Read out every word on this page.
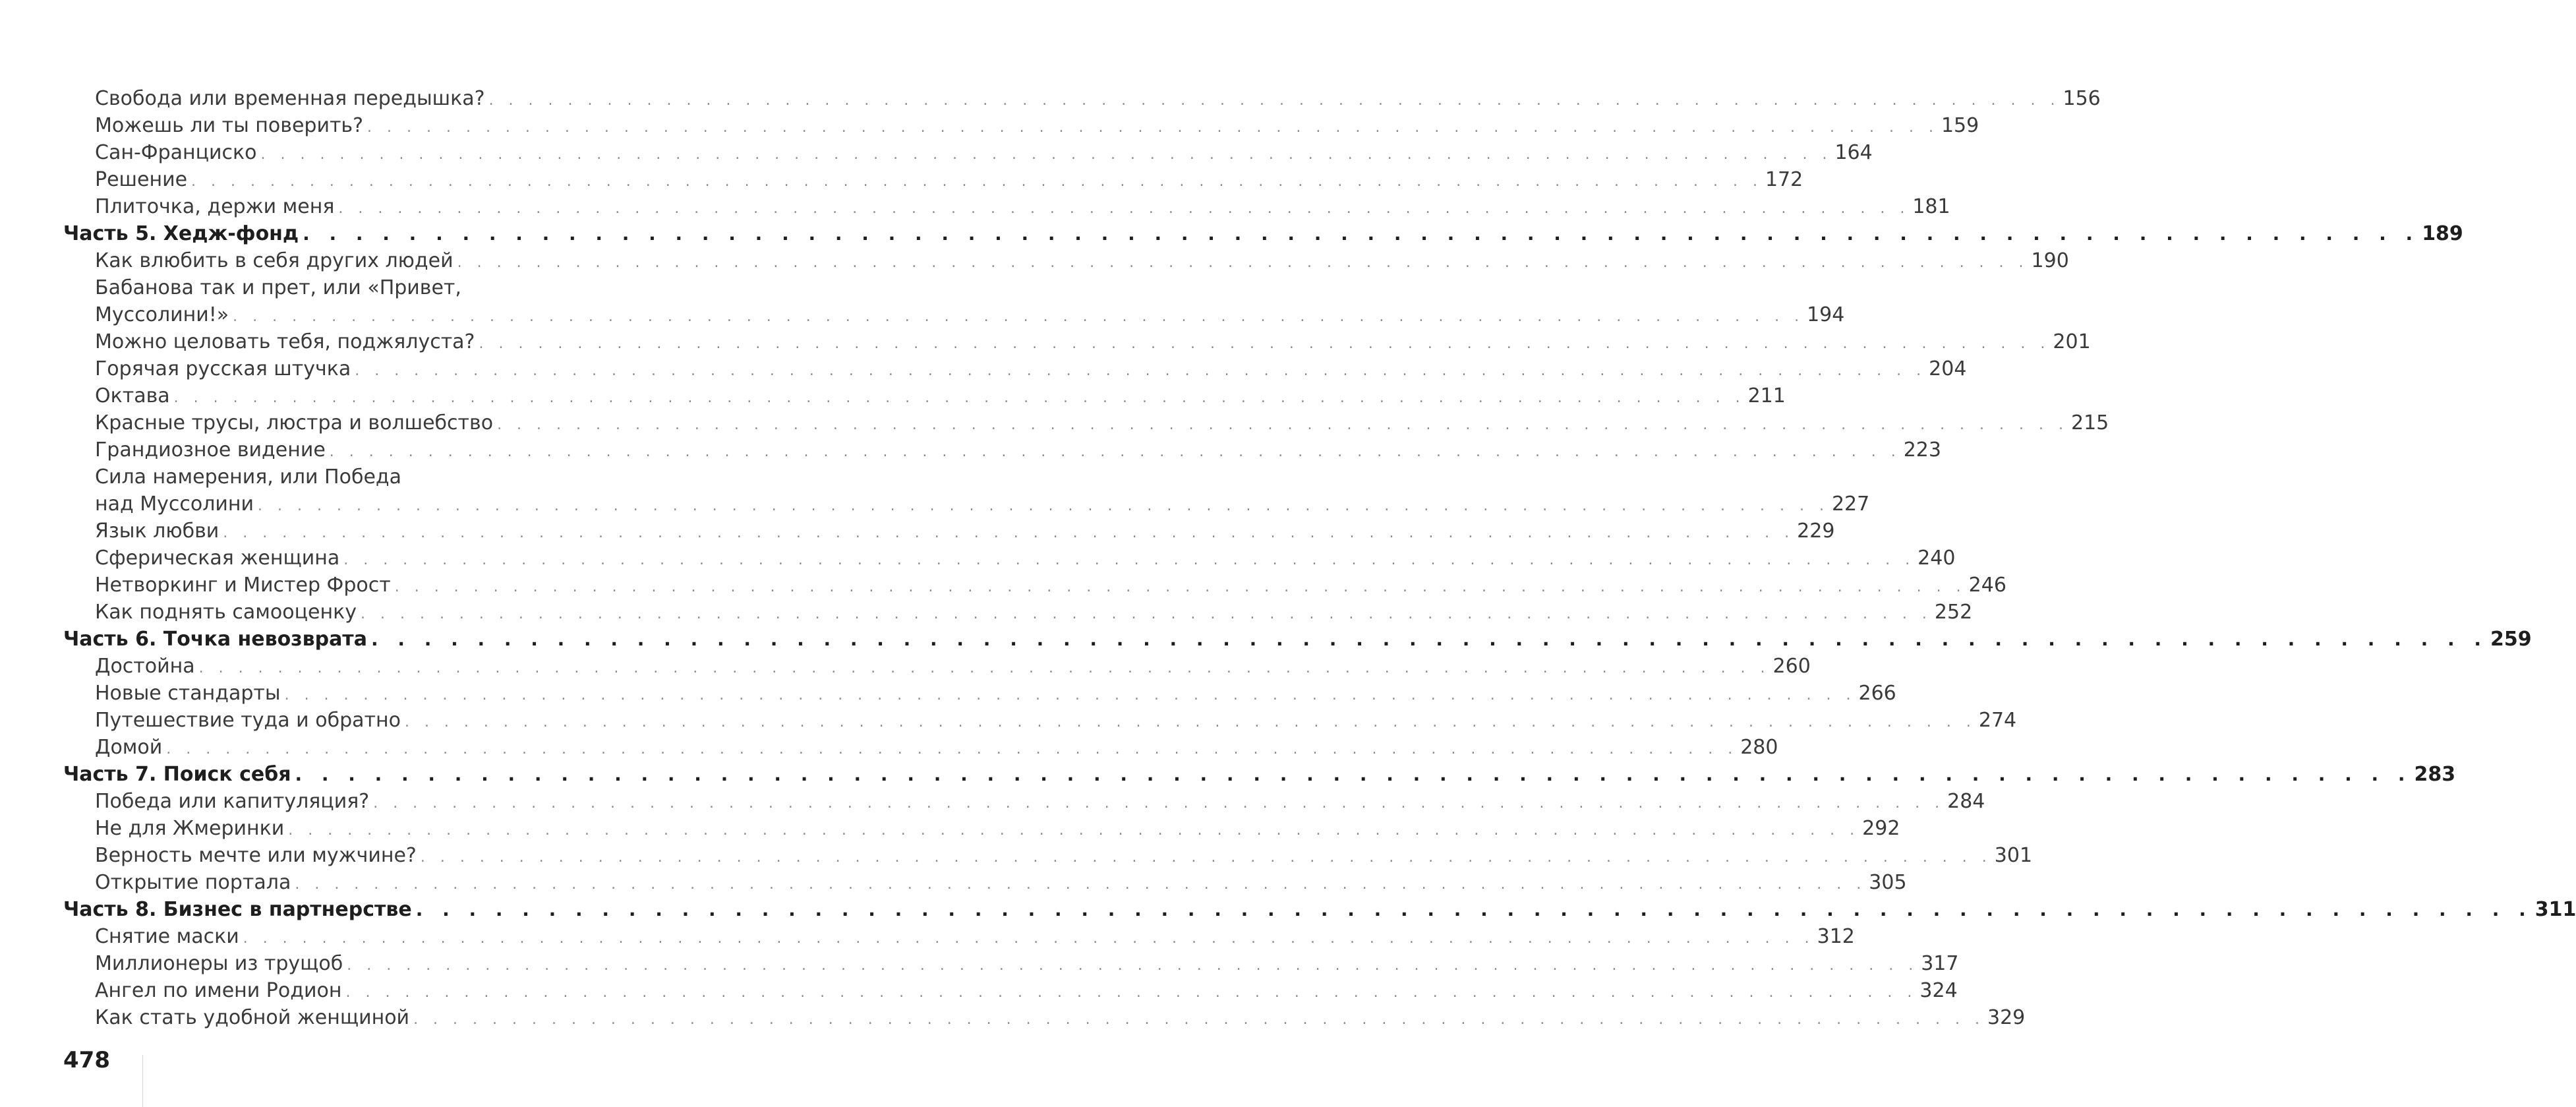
Свобода или временная передышка? . . . . . . . . . . . . . . . . . . . . . . . . . . . . . . . . . . . . . . . . . . . . . . . . . . . . . . . . . . . . . . . . . . . . . . . . . . . . . . . . 156
Можешь ли ты поверить? . . . . . . . . . . . . . . . . . . . . . . . . . . . . . . . . . . . . . . . . . . . . . . . . . . . . . . . . . . . . . . . . . . . . . . . . . . . . . . . . 159
Сан-Франциско . . . . . . . . . . . . . . . . . . . . . . . . . . . . . . . . . . . . . . . . . . . . . . . . . . . . . . . . . . . . . . . . . . . . . . . . . . . . . . . . 164
Решение . . . . . . . . . . . . . . . . . . . . . . . . . . . . . . . . . . . . . . . . . . . . . . . . . . . . . . . . . . . . . . . . . . . . . . . . . . . . . . . . 172
Плиточка, держи меня . . . . . . . . . . . . . . . . . . . . . . . . . . . . . . . . . . . . . . . . . . . . . . . . . . . . . . . . . . . . . . . . . . . . . . . . . . . . . . . . 181
Часть 5. Хедж-фонд . . . . . . . . . . . . . . . . . . . . . . . . . . . . . . . . . . . . . . . . . . . . . . . . . . . . . . . . . . . . . . . . . . . . . . . . . . . . . . . . 189
Как влюбить в себя других людей . . . . . . . . . . . . . . . . . . . . . . . . . . . . . . . . . . . . . . . . . . . . . . . . . . . . . . . . . . . . . . . . . . . . . . . . . . . . . . . . 190
Бабанова так и прет, или «Привет,
Муссолини!» . . . . . . . . . . . . . . . . . . . . . . . . . . . . . . . . . . . . . . . . . . . . . . . . . . . . . . . . . . . . . . . . . . . . . . . . . . . . . . . . 194
Можно целовать тебя, поджялуста? . . . . . . . . . . . . . . . . . . . . . . . . . . . . . . . . . . . . . . . . . . . . . . . . . . . . . . . . . . . . . . . . . . . . . . . . . . . . . . . . 201
Горячая русская штучка . . . . . . . . . . . . . . . . . . . . . . . . . . . . . . . . . . . . . . . . . . . . . . . . . . . . . . . . . . . . . . . . . . . . . . . . . . . . . . . . 204
Октава . . . . . . . . . . . . . . . . . . . . . . . . . . . . . . . . . . . . . . . . . . . . . . . . . . . . . . . . . . . . . . . . . . . . . . . . . . . . . . . . 211
Красные трусы, люстра и волшебство . . . . . . . . . . . . . . . . . . . . . . . . . . . . . . . . . . . . . . . . . . . . . . . . . . . . . . . . . . . . . . . . . . . . . . . . . . . . . . . . 215
Грандиозное видение . . . . . . . . . . . . . . . . . . . . . . . . . . . . . . . . . . . . . . . . . . . . . . . . . . . . . . . . . . . . . . . . . . . . . . . . . . . . . . . . 223
Сила намерения, или Победа
над Муссолини . . . . . . . . . . . . . . . . . . . . . . . . . . . . . . . . . . . . . . . . . . . . . . . . . . . . . . . . . . . . . . . . . . . . . . . . . . . . . . . . 227
Язык любви . . . . . . . . . . . . . . . . . . . . . . . . . . . . . . . . . . . . . . . . . . . . . . . . . . . . . . . . . . . . . . . . . . . . . . . . . . . . . . . . 229
Сферическая женщина . . . . . . . . . . . . . . . . . . . . . . . . . . . . . . . . . . . . . . . . . . . . . . . . . . . . . . . . . . . . . . . . . . . . . . . . . . . . . . . . 240
Нетворкинг и Мистер Фрост . . . . . . . . . . . . . . . . . . . . . . . . . . . . . . . . . . . . . . . . . . . . . . . . . . . . . . . . . . . . . . . . . . . . . . . . . . . . . . . . 246
Как поднять самооценку . . . . . . . . . . . . . . . . . . . . . . . . . . . . . . . . . . . . . . . . . . . . . . . . . . . . . . . . . . . . . . . . . . . . . . . . . . . . . . . . 252
Часть 6. Точка невозврата . . . . . . . . . . . . . . . . . . . . . . . . . . . . . . . . . . . . . . . . . . . . . . . . . . . . . . . . . . . . . . . . . . . . . . . . . . . . . . . . 259
Достойна . . . . . . . . . . . . . . . . . . . . . . . . . . . . . . . . . . . . . . . . . . . . . . . . . . . . . . . . . . . . . . . . . . . . . . . . . . . . . . . . 260
Новые стандарты . . . . . . . . . . . . . . . . . . . . . . . . . . . . . . . . . . . . . . . . . . . . . . . . . . . . . . . . . . . . . . . . . . . . . . . . . . . . . . . . 266
Путешествие туда и обратно . . . . . . . . . . . . . . . . . . . . . . . . . . . . . . . . . . . . . . . . . . . . . . . . . . . . . . . . . . . . . . . . . . . . . . . . . . . . . . . . 274
Домой . . . . . . . . . . . . . . . . . . . . . . . . . . . . . . . . . . . . . . . . . . . . . . . . . . . . . . . . . . . . . . . . . . . . . . . . . . . . . . . . 280
Часть 7. Поиск себя . . . . . . . . . . . . . . . . . . . . . . . . . . . . . . . . . . . . . . . . . . . . . . . . . . . . . . . . . . . . . . . . . . . . . . . . . . . . . . . . 283
Победа или капитуляция? . . . . . . . . . . . . . . . . . . . . . . . . . . . . . . . . . . . . . . . . . . . . . . . . . . . . . . . . . . . . . . . . . . . . . . . . . . . . . . . . 284
Не для Жмеринки . . . . . . . . . . . . . . . . . . . . . . . . . . . . . . . . . . . . . . . . . . . . . . . . . . . . . . . . . . . . . . . . . . . . . . . . . . . . . . . . 292
Верность мечте или мужчине? . . . . . . . . . . . . . . . . . . . . . . . . . . . . . . . . . . . . . . . . . . . . . . . . . . . . . . . . . . . . . . . . . . . . . . . . . . . . . . . . 301
Открытие портала . . . . . . . . . . . . . . . . . . . . . . . . . . . . . . . . . . . . . . . . . . . . . . . . . . . . . . . . . . . . . . . . . . . . . . . . . . . . . . . . 305
Часть 8. Бизнес в партнерстве . . . . . . . . . . . . . . . . . . . . . . . . . . . . . . . . . . . . . . . . . . . . . . . . . . . . . . . . . . . . . . . . . . . . . . . . . . . . . . . . 311
Снятие маски . . . . . . . . . . . . . . . . . . . . . . . . . . . . . . . . . . . . . . . . . . . . . . . . . . . . . . . . . . . . . . . . . . . . . . . . . . . . . . . . 312
Миллионеры из трущоб . . . . . . . . . . . . . . . . . . . . . . . . . . . . . . . . . . . . . . . . . . . . . . . . . . . . . . . . . . . . . . . . . . . . . . . . . . . . . . . . 317
Ангел по имени Родион . . . . . . . . . . . . . . . . . . . . . . . . . . . . . . . . . . . . . . . . . . . . . . . . . . . . . . . . . . . . . . . . . . . . . . . . . . . . . . . . 324
Как стать удобной женщиной . . . . . . . . . . . . . . . . . . . . . . . . . . . . . . . . . . . . . . . . . . . . . . . . . . . . . . . . . . . . . . . . . . . . . . . . . . . . . . . . 329
478
